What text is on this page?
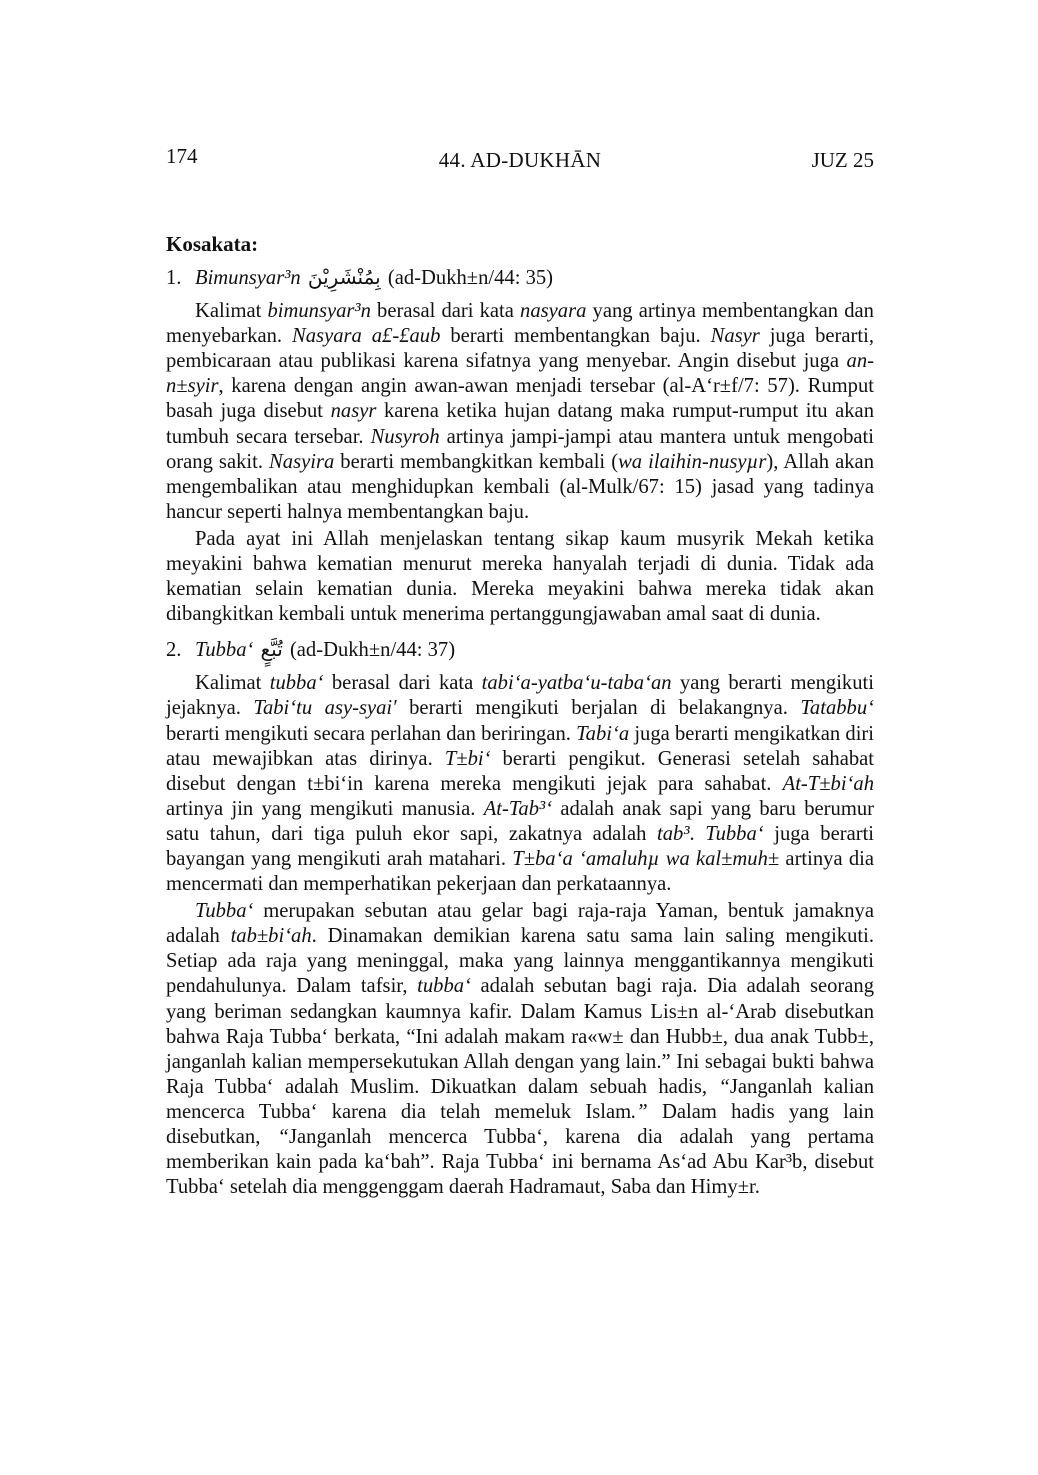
174	44. AD-DUKHĀN	JUZ 25
Kosakata:
1. Bimunsyar³n بِمُنْشَرِيْنَ (ad-Dukh±n/44: 35)

Kalimat bimunsyar³n berasal dari kata nasyara yang artinya membentangkan dan menyebarkan. Nasyara a£-£aub berarti membentangkan baju. Nasyr juga berarti, pembicaraan atau publikasi karena sifatnya yang menyebar. Angin disebut juga an-n±syir, karena dengan angin awan-awan menjadi tersebar (al-A‘r±f/7: 57). Rumput basah juga disebut nasyr karena ketika hujan datang maka rumput-rumput itu akan tumbuh secara tersebar. Nusyroh artinya jampi-jampi atau mantera untuk mengobati orang sakit. Nasyira berarti membangkitkan kembali (wa ilaihin-nusyµr), Allah akan mengembalikan atau menghidupkan kembali (al-Mulk/67: 15) jasad yang tadinya hancur seperti halnya membentangkan baju.

Pada ayat ini Allah menjelaskan tentang sikap kaum musyrik Mekah ketika meyakini bahwa kematian menurut mereka hanyalah terjadi di dunia. Tidak ada kematian selain kematian dunia. Mereka meyakini bahwa mereka tidak akan dibangkitkan kembali untuk menerima pertanggungjawaban amal saat di dunia.

2. Tubba‘ تُبَّعٍ (ad-Dukh±n/44: 37)

Kalimat tubba‘ berasal dari kata tabi‘a-yatba‘u-taba‘an yang berarti mengikuti jejaknya. Tabi‘tu asy-syai′ berarti mengikuti berjalan di belakangnya. Tatabbu‘ berarti mengikuti secara perlahan dan beriringan. Tabi‘a juga berarti mengikatkan diri atau mewajibkan atas dirinya. T±bi‘ berarti pengikut. Generasi setelah sahabat disebut dengan t±bi‘in karena mereka mengikuti jejak para sahabat. At-T±bi‘ah artinya jin yang mengikuti manusia. At-Tab³‘ adalah anak sapi yang baru berumur satu tahun, dari tiga puluh ekor sapi, zakatnya adalah tab³. Tubba‘ juga berarti bayangan yang mengikuti arah matahari. T±ba‘a ‘amaluhµ wa kal±muh± artinya dia mencermati dan memperhatikan pekerjaan dan perkataannya.

Tubba‘ merupakan sebutan atau gelar bagi raja-raja Yaman, bentuk jamaknya adalah tab±bi‘ah. Dinamakan demikian karena satu sama lain saling mengikuti. Setiap ada raja yang meninggal, maka yang lainnya menggantikannya mengikuti pendahulunya. Dalam tafsir, tubba‘ adalah sebutan bagi raja. Dia adalah seorang yang beriman sedangkan kaumnya kafir. Dalam Kamus Lis±n al-‘Arab disebutkan bahwa Raja Tubba‘ berkata, “Ini adalah makam ra«w± dan Hubb±, dua anak Tubb±, janganlah kalian mempersekutukan Allah dengan yang lain.” Ini sebagai bukti bahwa Raja Tubba‘ adalah Muslim. Dikuatkan dalam sebuah hadis, “Janganlah kalian mencerca Tubba‘ karena dia telah memeluk Islam.” Dalam hadis yang lain disebutkan, “Janganlah mencerca Tubba‘, karena dia adalah yang pertama memberikan kain pada ka‘bah”. Raja Tubba‘ ini bernama As‘ad Abu Kar³b, disebut Tubba‘ setelah dia menggenggam daerah Hadramaut, Saba dan Himy±r.
